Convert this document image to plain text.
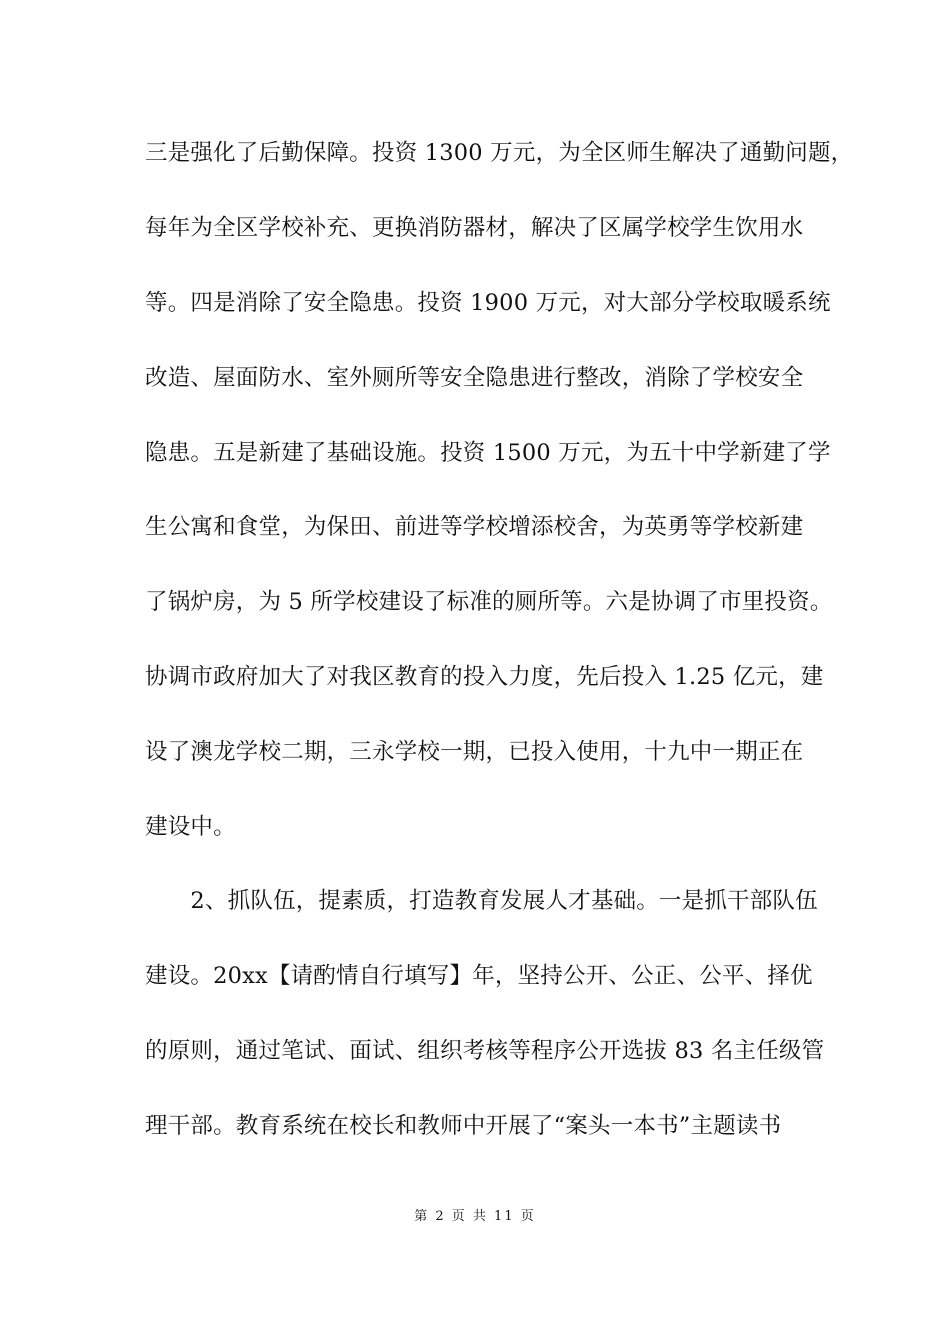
三是强化了后勤保障。投资 1300 万元，为全区师生解决了通勤问题，
每年为全区学校补充、更换消防器材，解决了区属学校学生饮用水
等。四是消除了安全隐患。投资 1900 万元，对大部分学校取暖系统
改造、屋面防水、室外厕所等安全隐患进行整改，消除了学校安全
隐患。五是新建了基础设施。投资 1500 万元，为五十中学新建了学
生公寓和食堂，为保田、前进等学校增添校舍，为英勇等学校新建
了锅炉房，为 5 所学校建设了标准的厕所等。六是协调了市里投资。
协调市政府加大了对我区教育的投入力度，先后投入 1.25 亿元，建
设了澳龙学校二期，三永学校一期，已投入使用，十九中一期正在
建设中。
　　2、抓队伍，提素质，打造教育发展人才基础。一是抓干部队伍
建设。20xx【请酌情自行填写】年，坚持公开、公正、公平、择优
的原则，通过笔试、面试、组织考核等程序公开选拔 83 名主任级管
理干部。教育系统在校长和教师中开展了“案头一本书”主题读书
第 2 页 共 11 页
